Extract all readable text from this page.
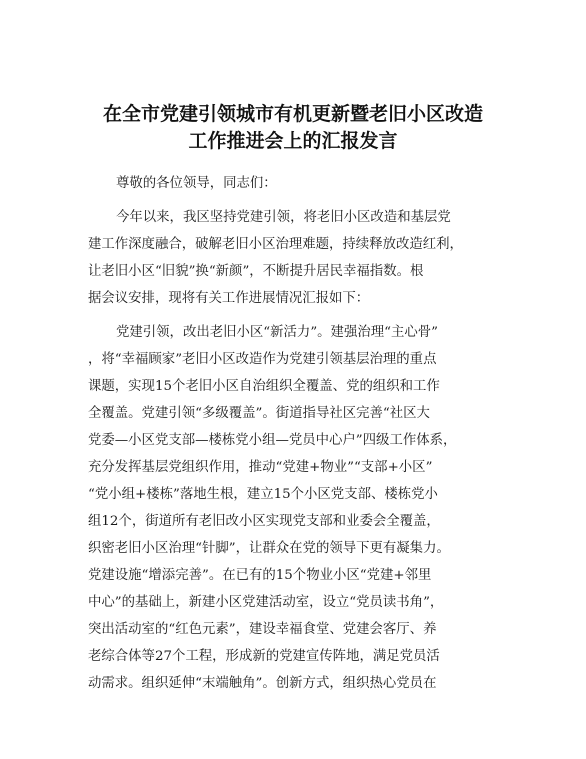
在全市党建引领城市有机更新暨老旧小区改造
工作推进会上的汇报发言

尊敬的各位领导，同志们：

今年以来，我区坚持党建引领，将老旧小区改造和基层党

建工作深度融合，破解老旧小区治理难题，持续释放改造红利，

让老旧小区“旧貌”换“新颜”，不断提升居民幸福指数。根

据会议安排，现将有关工作进展情况汇报如下：

党建引领，改出老旧小区“新活力”。建强治理“主心骨”

，将“幸福顾家”老旧小区改造作为党建引领基层治理的重点

课题，实现15个老旧小区自治组织全覆盖、党的组织和工作

全覆盖。党建引领“多级覆盖”。街道指导社区完善“社区大

党委—小区党支部—楼栋党小组—党员中心户”四级工作体系，

充分发挥基层党组织作用，推动“党建+物业”“支部+小区”

“党小组+楼栋”落地生根，建立15个小区党支部、楼栋党小

组12个，街道所有老旧改小区实现党支部和业委会全覆盖，

织密老旧小区治理“针脚”，让群众在党的领导下更有凝集力。

党建设施“增添完善”。在已有的15个物业小区“党建+邻里

中心”的基础上，新建小区党建活动室，设立“党员读书角”，

突出活动室的“红色元素”，建设幸福食堂、党建会客厅、养

老综合体等27个工程，形成新的党建宣传阵地，满足党员活

动需求。组织延伸“末端触角”。创新方式，组织热心党员在
